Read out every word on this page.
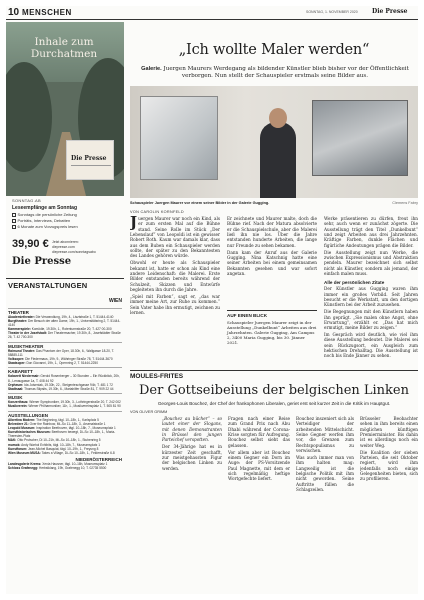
10 MENSCHEN	SONNTAG, 1. NOVEMBER 2020 Die Presse
Inhale zum
Durchatmen
Die Presse
SONNTAG.AB
Leseempfänge am Sonntag
Sonntags die persönliche Zeitung
Porträts, Interviews, Debatten
6 Monate zum Vorzugspreis lesen
39,90 € Jetzt abonnieren:
diepresse.com
diepresse.com/sonntagsabo
Die Presse
VERANSTALTUNGEN
WIEN
THEATER
Akademietheater: Die Verwandlung, 19h, 4., Lisztstraße 1, T. 51444-4140
Burgtheater: Der Besuch der alten Dame, 19h, 1., Universitätsring 2, T. 51444-4140
Kammerspiele: Komödie, 19.30h, 1., Rotenturmstraße 20, T. 427 00-300
Theater in der Josefstadt: Der Theatermacher, 19.30h, 8., Josefstädter Straße 26, T. 42 700-300
MUSIKTHEATER
Raimund Theater: Das Phantom der Oper, 18.30h, 6., Wallgasse 18-20, T. 58885-111
Volksoper: Die Fledermaus, 19h, 9., Währinger Straße 78, T. 51444-3670
Staatsoper: Don Giovanni, 19h, 1., Opernring 2, T. 51444-2250
KABARETT
Kabarett Niedermair: Gerold Rosenberger – 30 Stunden – Ein Rückblick, 20h, 8., Lenaugasse 1a, T. 408 44 92
Orpheum: Ida Joiseniak, 19.30h, 22., Steigenteschgasse 94b, T. 481 1 72
Stadtsaal: Thomas Stipsits, 19.30h, 6., Mariahilfer Straße 81, T. 909 22 44
MUSIK
Konzerthaus: Wiener Symphoniker, 19.30h, 3., Lothringerstraße 20, T. 242 002
Musikverein: Wiener Philharmoniker, 11h, 1., Musikvereinsplatz 1, T. 505 81 90
AUSSTELLUNGEN
Albertina Modern: The Beginning, tägl. 10–18h, 1., Karlsplatz 5
Belvedere 21: Over the Rainbow, Mi–So 11–18h, 3., Arsenalstraße 1
Leopold Museum: Inspiration Beethoven, tägl. 10–18h, 7., Museumsplatz 1
Kunsthistorisches Museum: Beethoven bewegt, Di–So 10–18h, 1., Maria-Theresien-Platz
MAK: Otto Prutscher, Di 10–21h, Mi–So 10–18h, 1., Stubenring 5
mumok: Andy Warhol Exhibits, tägl. 10–18h, 7., Museumsplatz 1
Kunstforum: Jean-Michel Basquiat, tägl. 10–19h, 1., Freyung 8
Wien Museum MUSA: Takes a Village, Di–So 10–18h, 1., Felderstraße 6-8
NIEDERÖSTERREICH
Landesgalerie Krems: Xenia Hausner, tägl. 10–18h, Museumsplatz 1
Schloss Grafenegg: Herbstklang, 19h, Grafenegg 10, T. 02735 5500
„Ich wollte Maler werden“
Galerie. Juergen Maurers Werdegang als bildender Künstler blieb bisher vor der Öffentlichkeit verborgen. Nun stellt der Schauspieler erstmals seine Bilder aus.
Schauspieler Juergen Maurer vor einem seiner Bilder in der Galerie Gugging.	Clemens Fabry
VON CAROLIN KORNFELD

Juergen Maurer war noch ein Kind, als er zum ersten Mal auf die Bühne stand. Seine Rolle im Stück „Der Lebenslauf“ von Leopoldi ist ein gewisser Robert Roth. Kaum war damals klar, dass aus dem Buben ein Schauspieler werden sollte, der später zu den Bekanntesten des Landes gehören würde.

Obwohl er heute als Schauspieler bekannt ist, hatte er schon als Kind eine andere Leidenschaft: die Malerei. Erste Bilder entstanden bereits während der Schulzeit, Skizzen und Entwürfe begleiteten ihn durch die Jahre.

„Spiel mit Farben“, sagt er, „das war immer meine Art, zur Ruhe zu kommen.“ Sein Vater habe ihn ermutigt, zeichnen zu lernen.

Er zeichnete und Maurer malte, doch die Bühne rief. Nach der Matura absolvierte er die Schauspielschule, aber die Malerei ließ ihn nie los. Über die Jahre entstanden hunderte Arbeiten, die lange nur Freunde zu sehen bekamen.

Dann kam der Anruf aus der Galerie Gugging. Nina Katschnig hatte eine seiner Arbeiten bei einem gemeinsamen Bekannten gesehen und war sofort angetan.

AUF EINEN BLICK
Schauspieler Juergen Maurer zeigt in der Ausstellung „Dunkelbunt“ Arbeiten aus drei Jahrzehnten. Galerie Gugging, Am Campus 2, 3400 Maria Gugging, bis 30. Jänner 2021.

Werke präsentieren zu dürfen, freut ihn sehr, auch wenn er zunächst zögerte. Die Ausstellung trägt den Titel „Dunkelbunt“ und zeigt Arbeiten aus drei Jahrzehnten. Kräftige Farben, dunkle Flächen und figürliche Andeutungen prägen die Bilder.

Die Ausstellung zeigt nun Werke, die zwischen Expressionismus und Abstraktion pendeln. Maurer bezeichnet sich selbst nicht als Künstler, sondern als jemand, der einfach malen muss.

Alle der persönlichen Zitate

Der Künstler aus Gugging waren ihm immer ein großes Vorbild. Seit Jahren besucht er die Werkstatt, um den dortigen Künstlern bei der Arbeit zuzusehen.

Die Begegnungen mit den Künstlern haben ihn geprägt. „Sie malen ohne Angst, ohne Erwartung“, erzählt er. „Das hat mich ermutigt, meine Bilder zu zeigen.“

Im Gespräch wird deutlich, wie viel ihm diese Ausstellung bedeutet. Die Malerei sei sein Rückzugsort, ein Ausgleich zum hektischen Drehalltag. Die Ausstellung ist noch bis Ende Jänner zu sehen.

MOULES-FRITES
Der Gottseibeiuns der belgischen Linken
Georges-Louis Bouchez, der Chef der frankophonen Liberalen, geriet erst seit kurzer Zeit in die Kritik im Hauptgut.
VON OLIVER GRIMM

„Bouchez au bûcher“ – so lautet einer der Slogans, mit denen Demonstranten in Brüssel den jungen Parteichef verspotten.

Der 34-Jährige hat es in kürzester Zeit geschafft, zur meistgehassten Figur der belgischen Linken zu werden.

Fragen nach einer Reise zum Grand Prix nach Abu Dhabi während der Corona-Krise sorgten für Aufregung. Bouchez selbst sieht das gelassen.

Vor allem aber ist Bouchez einem Gegner ein Dorn im Auge: der PS-Vorsitzende Paul Magnette, mit dem er sich regelmäßig heftige Wortgefechte liefert.

Bouchez inszeniert sich als Verteidiger der arbeitenden Mittelschicht. Seine Gegner werfen ihm vor, die Grenzen zum Rechtspopulismus zu verwischen.

Was auch immer man von ihm halten mag: Langweilig ist die belgische Politik mit ihm nicht geworden. Seine Auftritte füllen die Schlagzeilen.

Brüsseler Beobachter sehen in ihm bereits einen möglichen künftigen Premierminister. Bis dahin ist es allerdings noch ein weiter Weg.

Die Koalition der sieben Parteien, die seit Oktober regiert, wird ihm jedenfalls noch einige Gelegenheiten bieten, sich zu profilieren.
